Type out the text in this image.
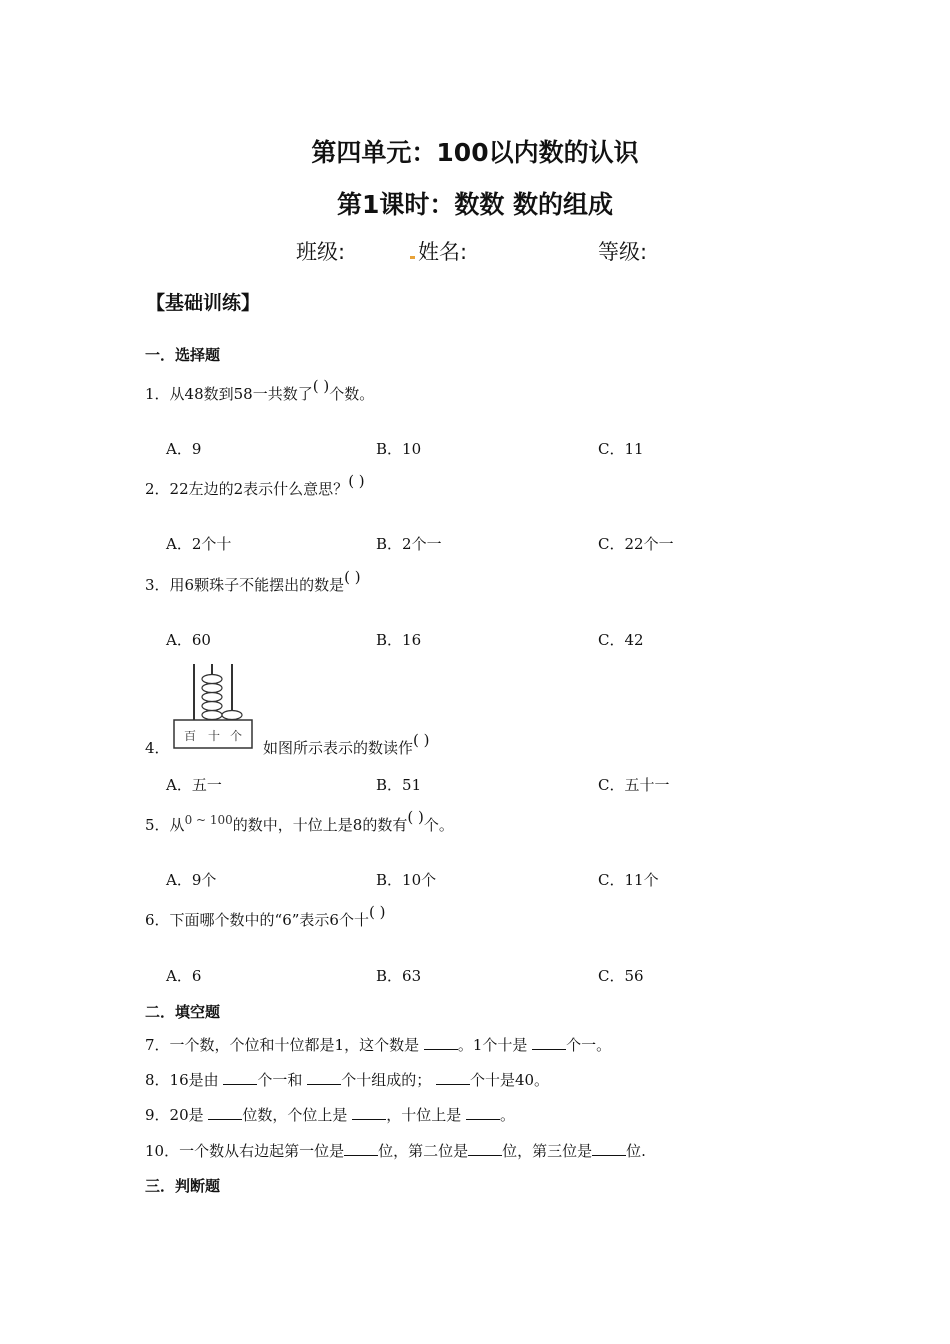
第四单元：100以内数的认识
第1课时：数数 数的组成
班级:	姓名:	等级:
【基础训练】
一．选择题
1．从48数到58一共数了( )个数。
A．9	B．10	C．11
2．22左边的2表示什么意思？( )
A．2个十	B．2个一	C．22个一
3．用6颗珠子不能摆出的数是( )
A．60	B．16	C．42
4．
百 十 个
如图所示表示的数读作( )
A．五一	B．51	C．五十一
5．从$^{0 \sim 100}$的数中，十位上是8的数有( )个。
A．9个	B．10个	C．11个
6．下面哪个数中的“6”表示6个十( )
A．6	B．63	C．56
二．填空题
7．一个数，个位和十位都是1，这个数是 。1个十是 个一。
8．16是由 个一和 个十组成的； 个十是40。
9．20是 位数，个位上是 ，十位上是 。
10．一个数从右边起第一位是 位，第二位是 位，第三位是 位.
三．判断题
